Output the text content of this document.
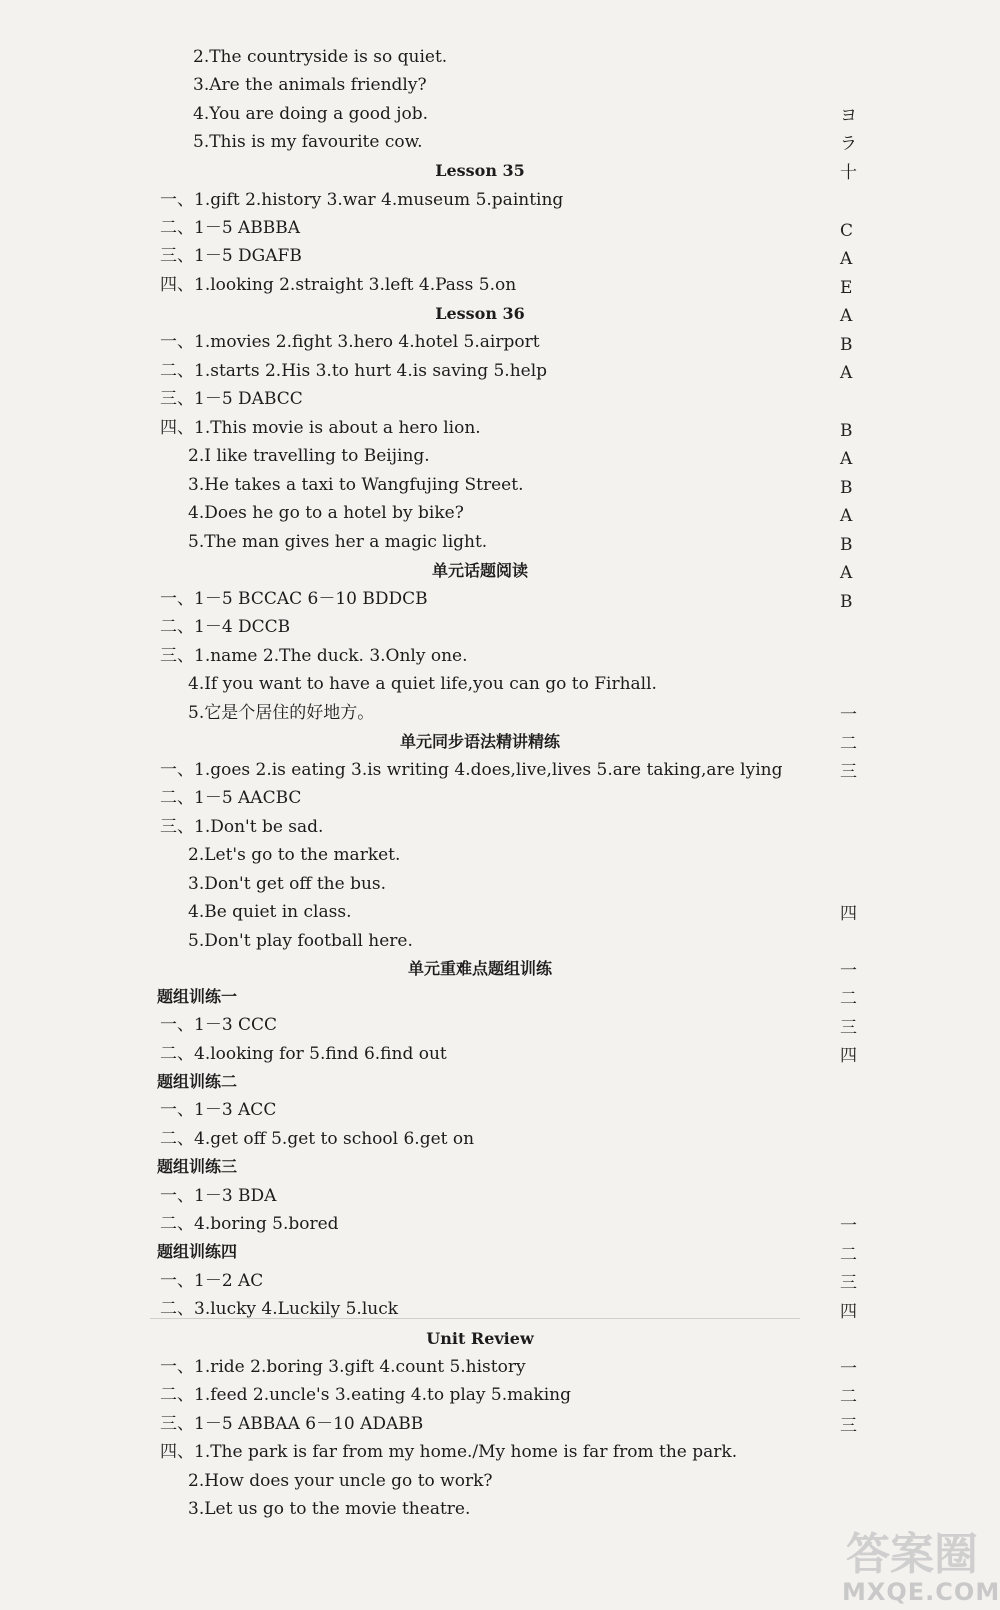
答案圈
MXQE.COM
2.The countryside is so quiet.
3.Are the animals friendly?
4.You are doing a good job.
5.This is my favourite cow.
Lesson 35
一、1.gift 2.history 3.war 4.museum 5.painting
二、1－5 ABBBA
三、1－5 DGAFB
四、1.looking 2.straight 3.left 4.Pass 5.on
Lesson 36
一、1.movies 2.fight 3.hero 4.hotel 5.airport
二、1.starts 2.His 3.to hurt 4.is saving 5.help
三、1－5 DABCC
四、1.This movie is about a hero lion.
2.I like travelling to Beijing.
3.He takes a taxi to Wangfujing Street.
4.Does he go to a hotel by bike?
5.The man gives her a magic light.
单元话题阅读
一、1－5 BCCAC 6－10 BDDCB
二、1－4 DCCB
三、1.name 2.The duck. 3.Only one.
4.If you want to have a quiet life,you can go to Firhall.
5.它是个居住的好地方。
单元同步语法精讲精练
一、1.goes 2.is eating 3.is writing 4.does,live,lives 5.are taking,are lying
二、1－5 AACBC
三、1.Don't be sad.
2.Let's go to the market.
3.Don't get off the bus.
4.Be quiet in class.
5.Don't play football here.
单元重难点题组训练
题组训练一
一、1－3 CCC
二、4.looking for 5.find 6.find out
题组训练二
一、1－3 ACC
二、4.get off 5.get to school 6.get on
题组训练三
一、1－3 BDA
二、4.boring 5.bored
题组训练四
一、1－2 AC
二、3.lucky 4.Luckily 5.luck
Unit Review
一、1.ride 2.boring 3.gift 4.count 5.history
二、1.feed 2.uncle's 3.eating 4.to play 5.making
三、1－5 ABBAA 6－10 ADABB
四、1.The park is far from my home./My home is far from the park.
2.How does your uncle go to work?
3.Let us go to the movie theatre.
ヨ
ラ
十
C
A
E
A
B
A
B
A
B
A
B
A
B
一
二
三
四
一
二
三
四
一
二
三
四
一
二
三
